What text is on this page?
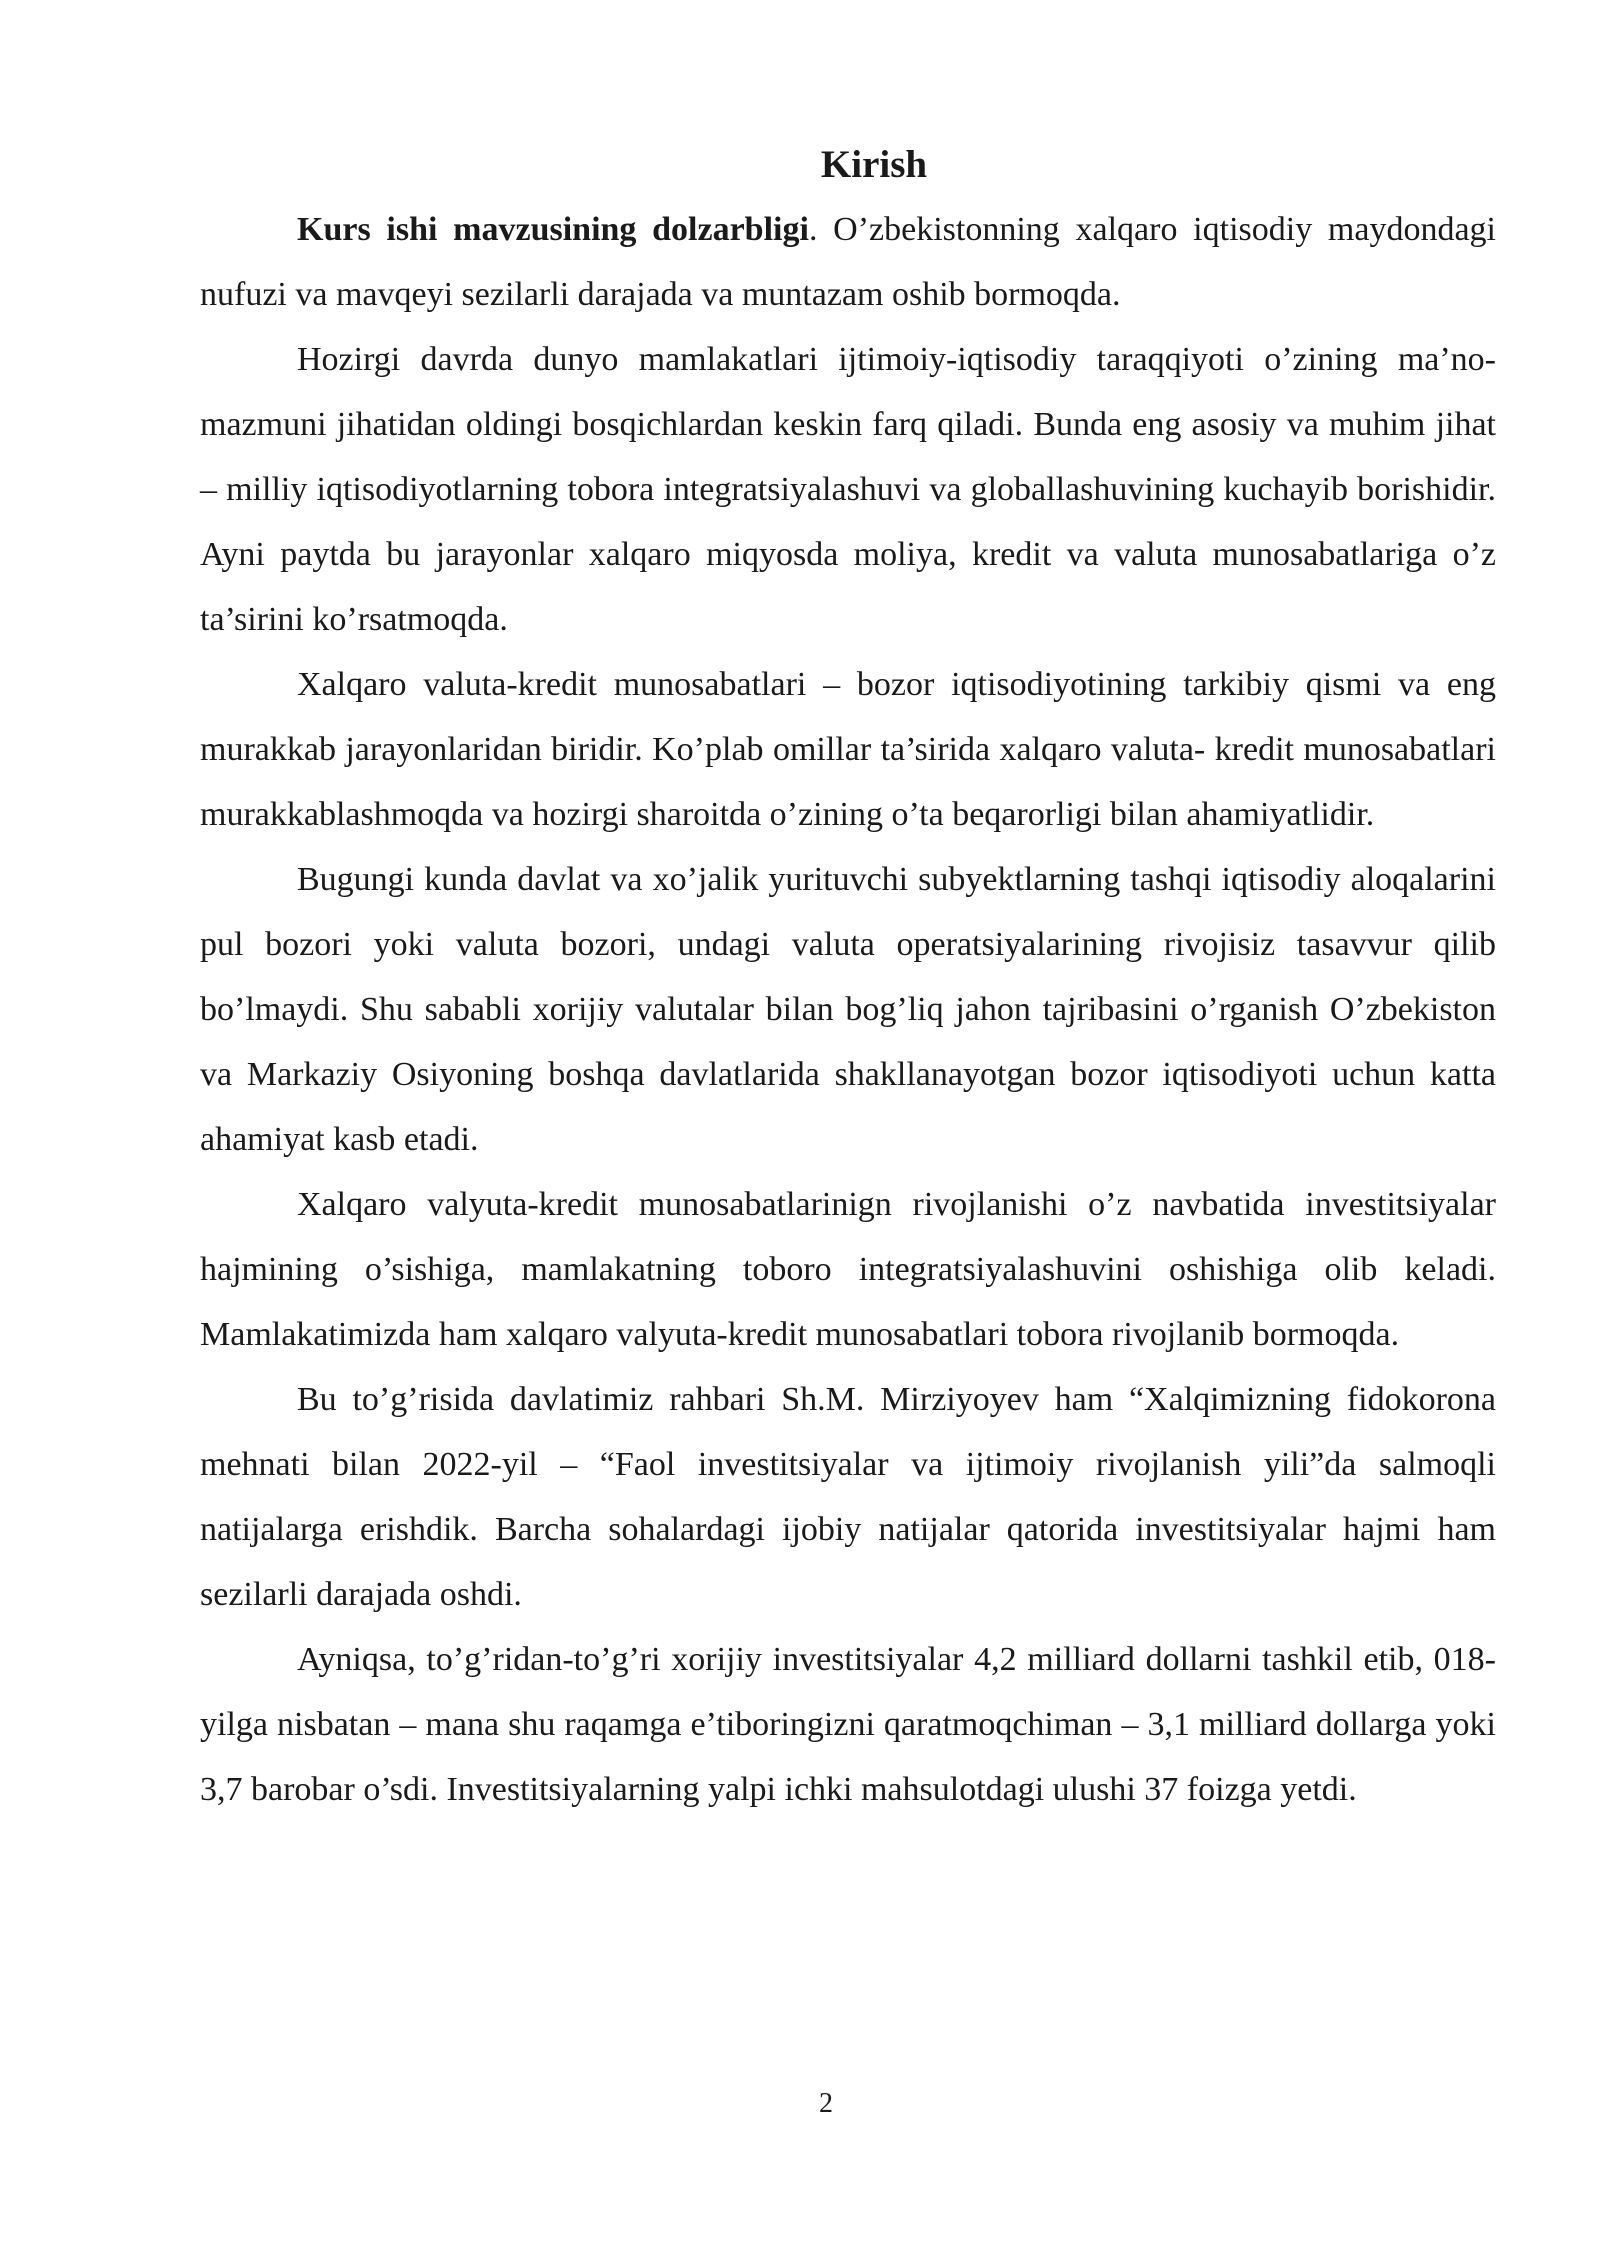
Kirish

Kurs ishi mavzusining dolzarbligi. O’zbekistonning xalqaro iqtisodiy maydondagi nufuzi va mavqeyi sezilarli darajada va muntazam oshib bormoqda.

Hozirgi davrda dunyo mamlakatlari ijtimoiy-iqtisodiy taraqqiyoti o’zining ma’no-mazmuni jihatidan oldingi bosqichlardan keskin farq qiladi. Bunda eng asosiy va muhim jihat – milliy iqtisodiyotlarning tobora integratsiyalashuvi va globallashuvining kuchayib borishidir. Ayni paytda bu jarayonlar xalqaro miqyosda moliya, kredit va valuta munosabatlariga o’z ta’sirini ko’rsatmoqda.

Xalqaro valuta-kredit munosabatlari – bozor iqtisodiyotining tarkibiy qismi va eng murakkab jarayonlaridan biridir. Ko’plab omillar ta’sirida xalqaro valuta- kredit munosabatlari murakkablashmoqda va hozirgi sharoitda o’zining o’ta beqarorligi bilan ahamiyatlidir.

Bugungi kunda davlat va xo’jalik yurituvchi subyektlarning tashqi iqtisodiy aloqalarini pul bozori yoki valuta bozori, undagi valuta operatsiyalarining rivojisiz tasavvur qilib bo’lmaydi. Shu sababli xorijiy valutalar bilan bog’liq jahon tajribasini o’rganish O’zbekiston va Markaziy Osiyoning boshqa davlatlarida shakllanayotgan bozor iqtisodiyoti uchun katta ahamiyat kasb etadi.

Xalqaro valyuta-kredit munosabatlarinign rivojlanishi o’z navbatida investitsiyalar hajmining o’sishiga, mamlakatning toboro integratsiyalashuvini oshishiga olib keladi. Mamlakatimizda ham xalqaro valyuta-kredit munosabatlari tobora rivojlanib bormoqda.

Bu to’g’risida davlatimiz rahbari Sh.M. Mirziyoyev ham “Xalqimizning fidokorona mehnati bilan 2022-yil – “Faol investitsiyalar va ijtimoiy rivojlanish yili”da salmoqli natijalarga erishdik. Barcha sohalardagi ijobiy natijalar qatorida investitsiyalar hajmi ham sezilarli darajada oshdi.

Ayniqsa, to’g’ridan-to’g’ri xorijiy investitsiyalar 4,2 milliard dollarni tashkil etib, 018-yilga nisbatan – mana shu raqamga e’tiboringizni qaratmoqchiman – 3,1 milliard dollarga yoki 3,7 barobar o’sdi. Investitsiyalarning yalpi ichki mahsulotdagi ulushi 37 foizga yetdi.

2
